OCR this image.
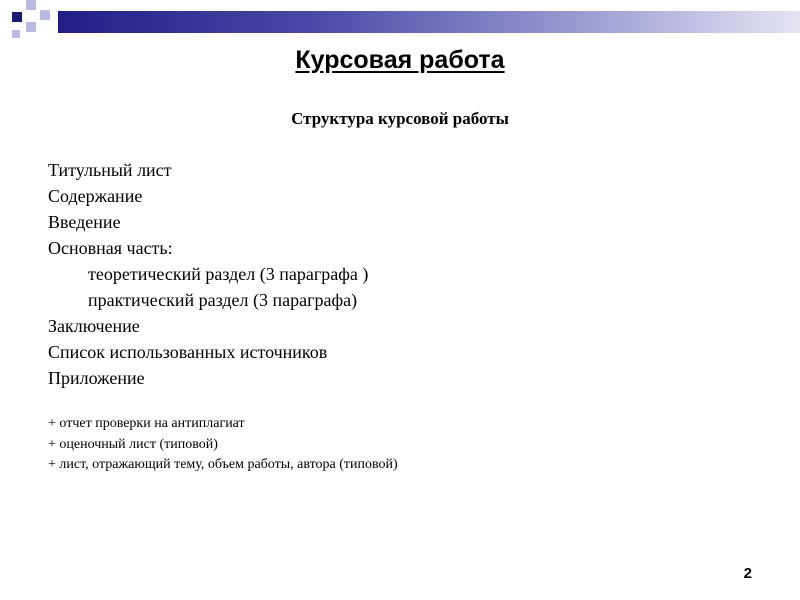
Курсовая работа
Структура курсовой работы
Титульный лист
Содержание
Введение
Основная часть:
теоретический раздел (3 параграфа )
практический раздел (3 параграфа)
Заключение
Список использованных источников
Приложение
+ отчет проверки на антиплагиат
+ оценочный лист (типовой)
+ лист, отражающий тему, объем работы, автора (типовой)
2
